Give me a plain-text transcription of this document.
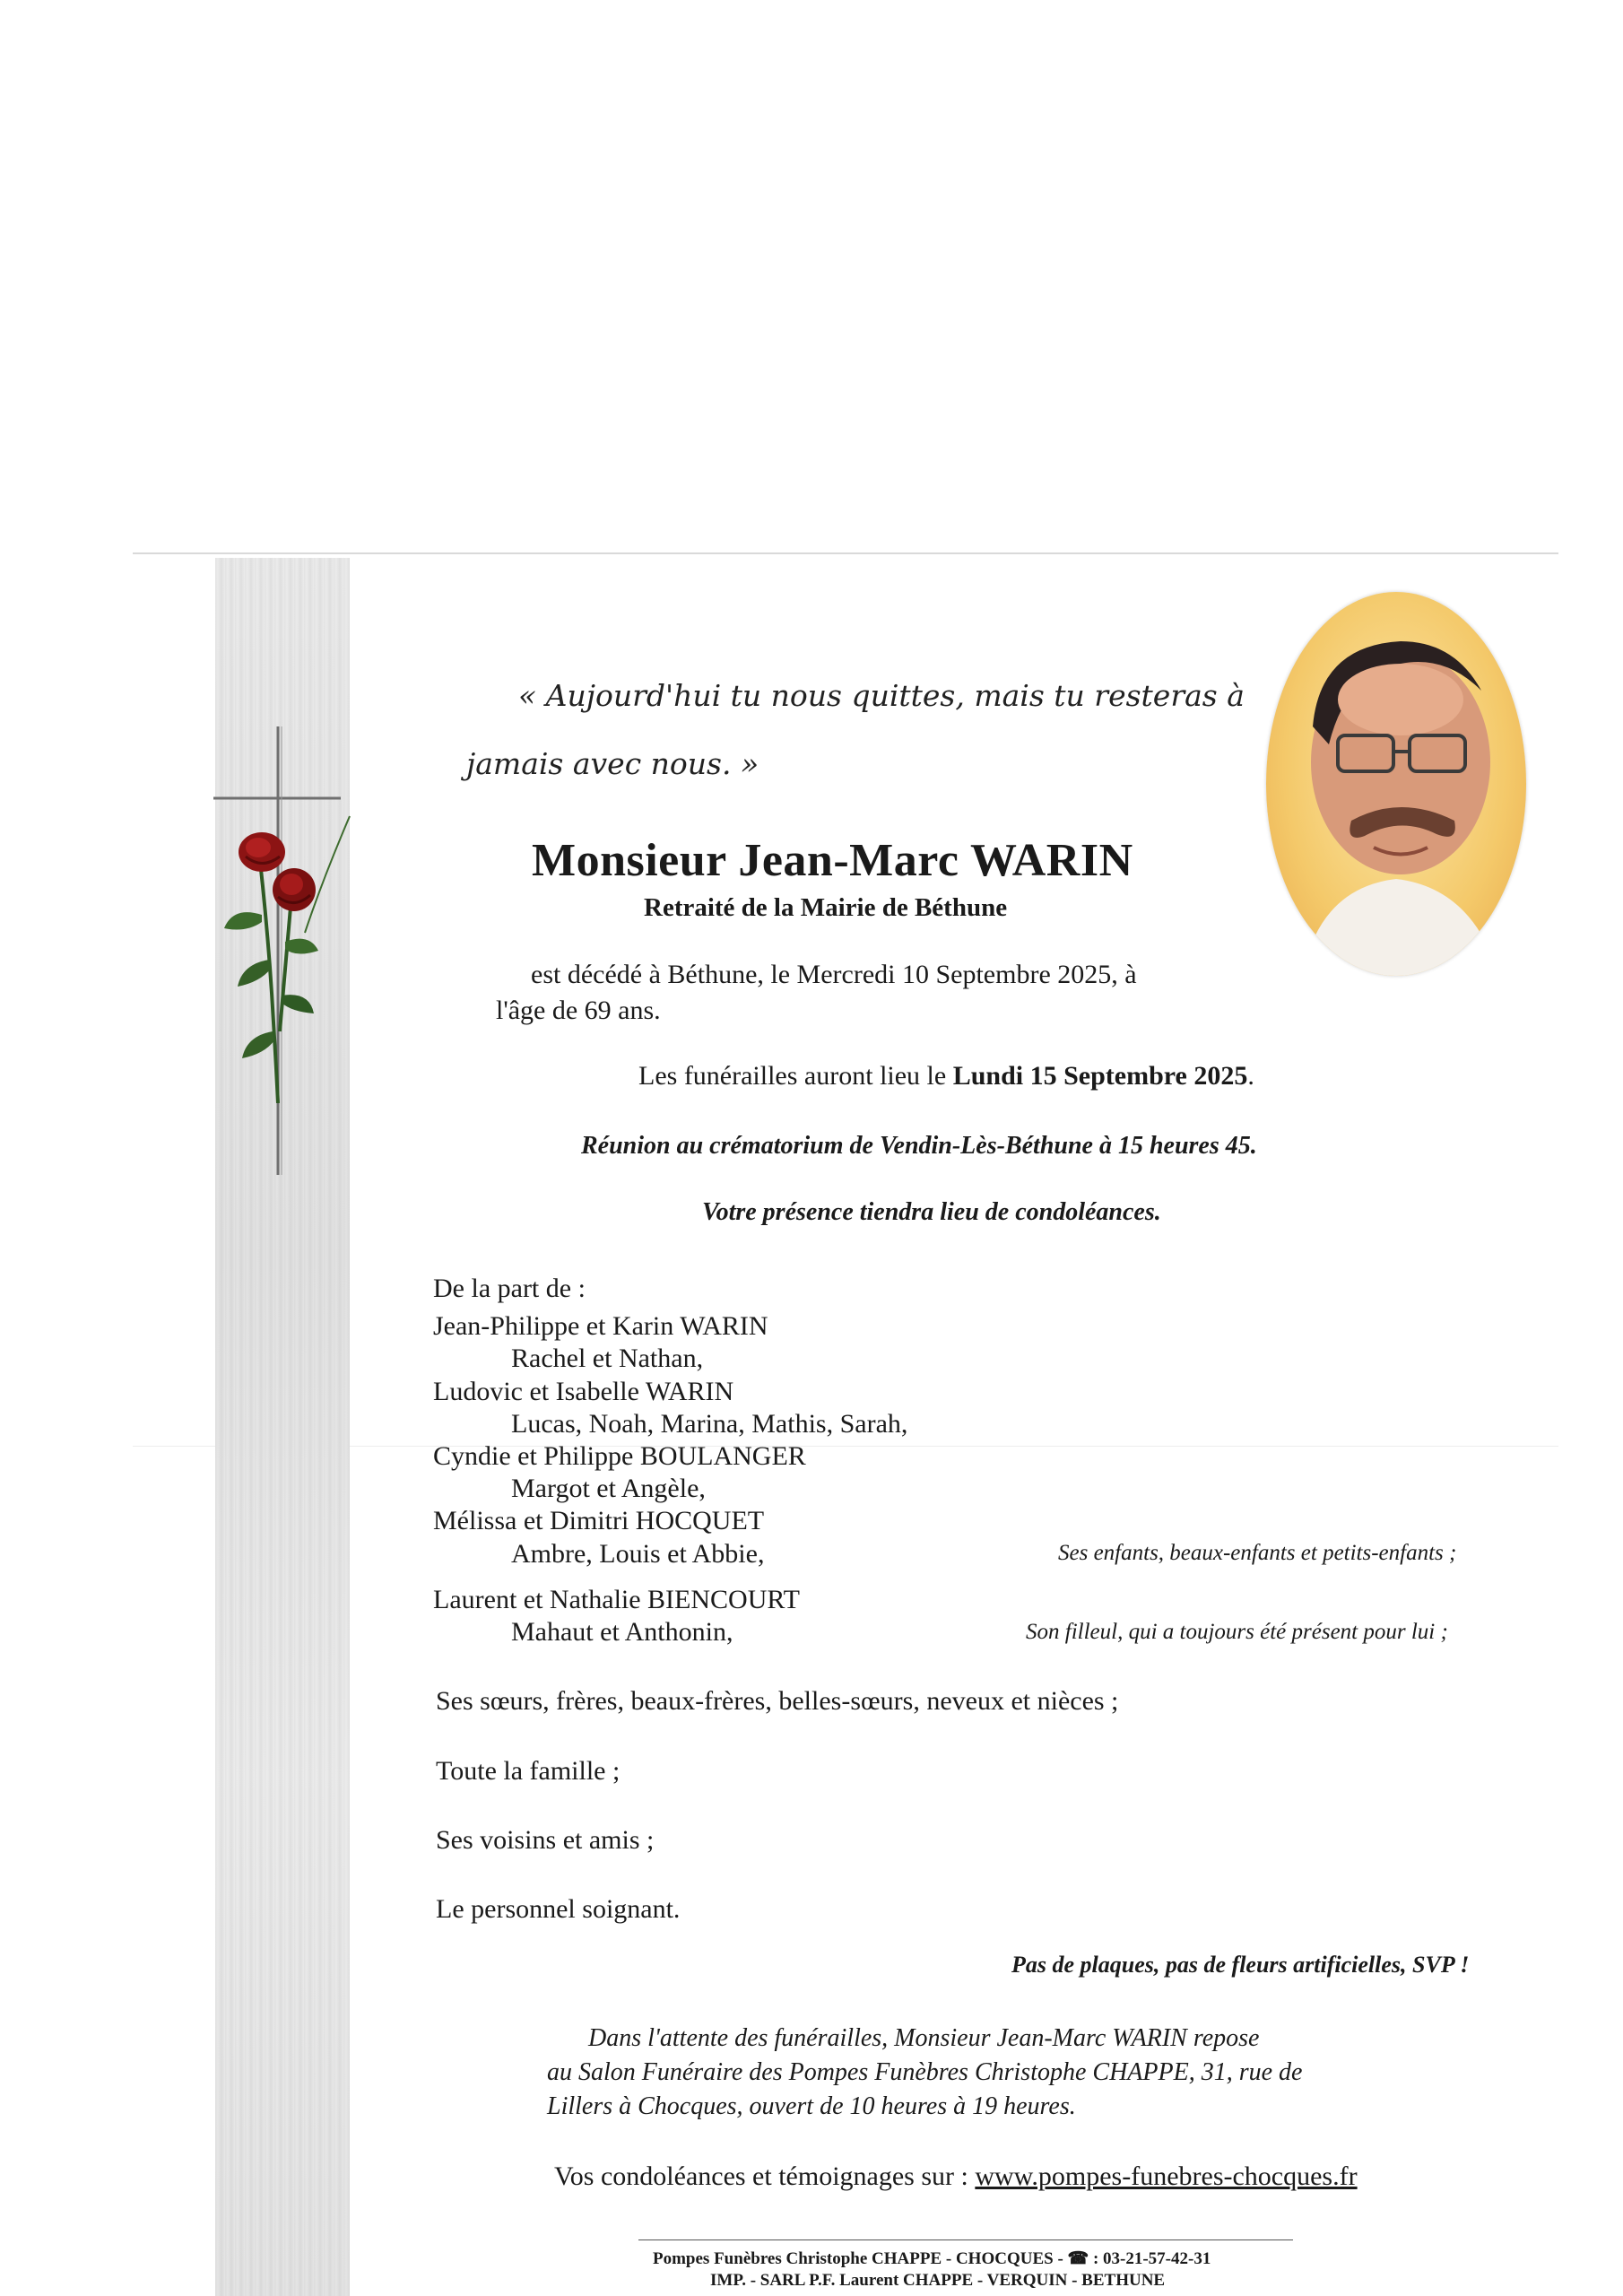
« Aujourd'hui tu nous quittes, mais tu resteras à
jamais avec nous. »
Monsieur Jean-Marc WARIN
Retraité de la Mairie de Béthune
est décédé à Béthune, le Mercredi 10 Septembre 2025, à
l'âge de 69 ans.
Les funérailles auront lieu le Lundi 15 Septembre 2025.
Réunion au crématorium de Vendin-Lès-Béthune à 15 heures 45.
Votre présence tiendra lieu de condoléances.
De la part de :
Jean-Philippe et Karin WARIN
Rachel et Nathan,
Ludovic et Isabelle WARIN
Lucas, Noah, Marina, Mathis, Sarah,
Cyndie et Philippe BOULANGER
Margot et Angèle,
Mélissa et Dimitri HOCQUET
Ambre, Louis et Abbie,	Ses enfants, beaux-enfants et petits-enfants ;
Laurent et Nathalie BIENCOURT
Mahaut et Anthonin,	Son filleul, qui a toujours été présent pour lui ;
Ses sœurs, frères, beaux-frères, belles-sœurs, neveux et nièces ;
Toute la famille ;
Ses voisins et amis ;
Le personnel soignant.
Pas de plaques, pas de fleurs artificielles, SVP !
Dans l'attente des funérailles, Monsieur Jean-Marc WARIN repose
au Salon Funéraire des Pompes Funèbres Christophe CHAPPE, 31, rue de
Lillers à Chocques, ouvert de 10 heures à 19 heures.
Vos condoléances et témoignages sur : www.pompes-funebres-chocques.fr
Pompes Funèbres Christophe CHAPPE - CHOCQUES - ☎ : 03-21-57-42-31
IMP. - SARL P.F. Laurent CHAPPE - VERQUIN - BETHUNE
